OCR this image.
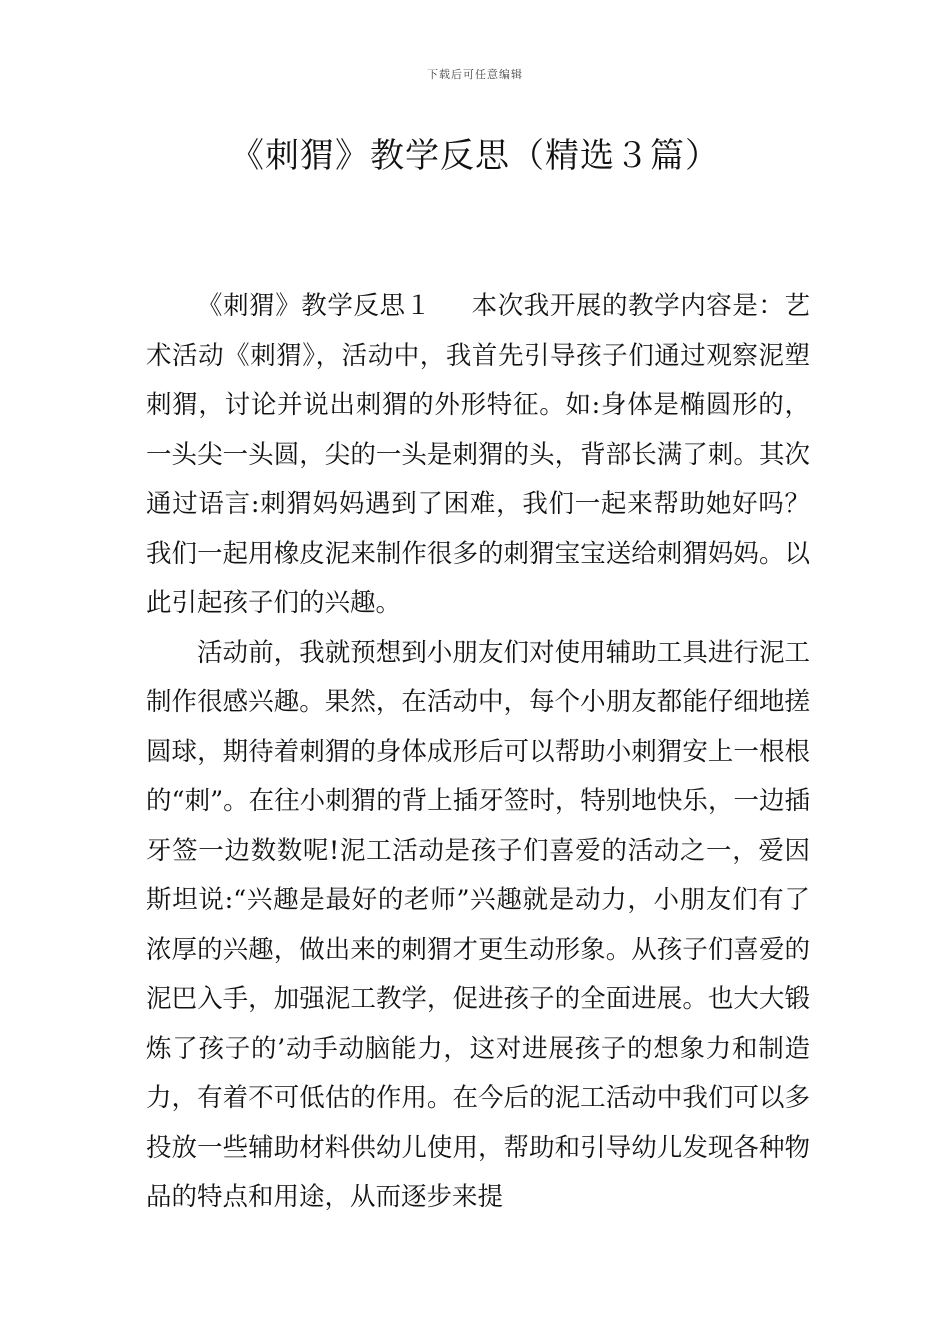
下载后可任意编辑
《刺猬》教学反思（精选３篇）

《刺猬》教学反思１ 本次我开展的教学内容是：艺术活动《刺猬》，活动中，我首先引导孩子们通过观察泥塑刺猬，讨论并说出刺猬的外形特征。如:身体是椭圆形的，一头尖一头圆，尖的一头是刺猬的头，背部长满了刺。其次通过语言:刺猬妈妈遇到了困难，我们一起来帮助她好吗？我们一起用橡皮泥来制作很多的刺猬宝宝送给刺猬妈妈。以此引起孩子们的兴趣。

活动前，我就预想到小朋友们对使用辅助工具进行泥工制作很感兴趣。果然，在活动中，每个小朋友都能仔细地搓圆球，期待着刺猬的身体成形后可以帮助小刺猬安上一根根的“刺”。在往小刺猬的背上插牙签时，特别地快乐，一边插牙签一边数数呢!泥工活动是孩子们喜爱的活动之一，爱因斯坦说:“兴趣是最好的老师”兴趣就是动力，小朋友们有了浓厚的兴趣，做出来的刺猬才更生动形象。从孩子们喜爱的泥巴入手，加强泥工教学，促进孩子的全面进展。也大大锻炼了孩子的’动手动脑能力，这对进展孩子的想象力和制造力，有着不可低估的作用。在今后的泥工活动中我们可以多投放一些辅助材料供幼儿使用，帮助和引导幼儿发现各种物品的特点和用途，从而逐步来提
